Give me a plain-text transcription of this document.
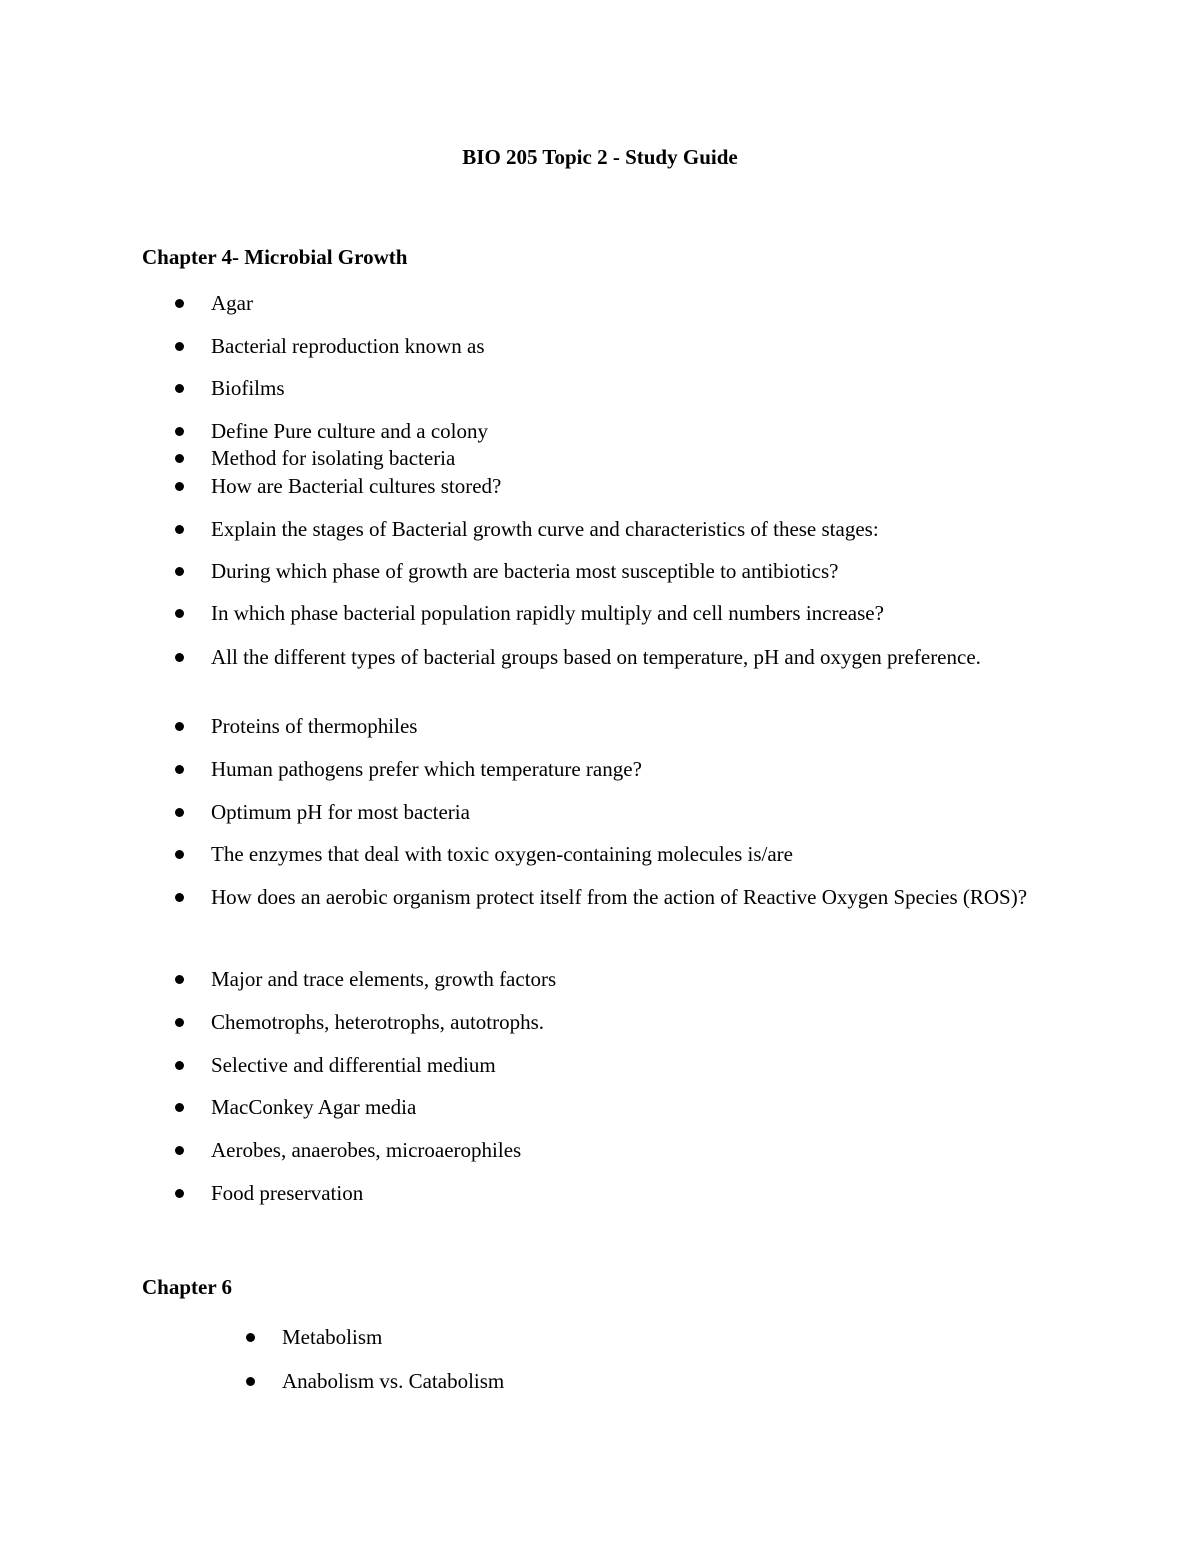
BIO 205 Topic 2 - Study Guide
Chapter 4- Microbial Growth
Agar
Bacterial reproduction known as
Biofilms
Define Pure culture and a colony
Method for isolating bacteria
How are Bacterial cultures stored?
Explain the stages of Bacterial growth curve and characteristics of these stages:
During which phase of growth are bacteria most susceptible to antibiotics?
In which phase bacterial population rapidly multiply and cell numbers increase?
All the different types of bacterial groups based on temperature, pH and oxygen preference.
Proteins of thermophiles
Human pathogens prefer which temperature range?
Optimum pH for most bacteria
The enzymes that deal with toxic oxygen-containing molecules is/are
How does an aerobic organism protect itself from the action of Reactive Oxygen Species (ROS)?
Major and trace elements, growth factors
Chemotrophs, heterotrophs, autotrophs.
Selective and differential medium
MacConkey Agar media
Aerobes, anaerobes, microaerophiles
Food preservation
Chapter 6
Metabolism
Anabolism vs. Catabolism
